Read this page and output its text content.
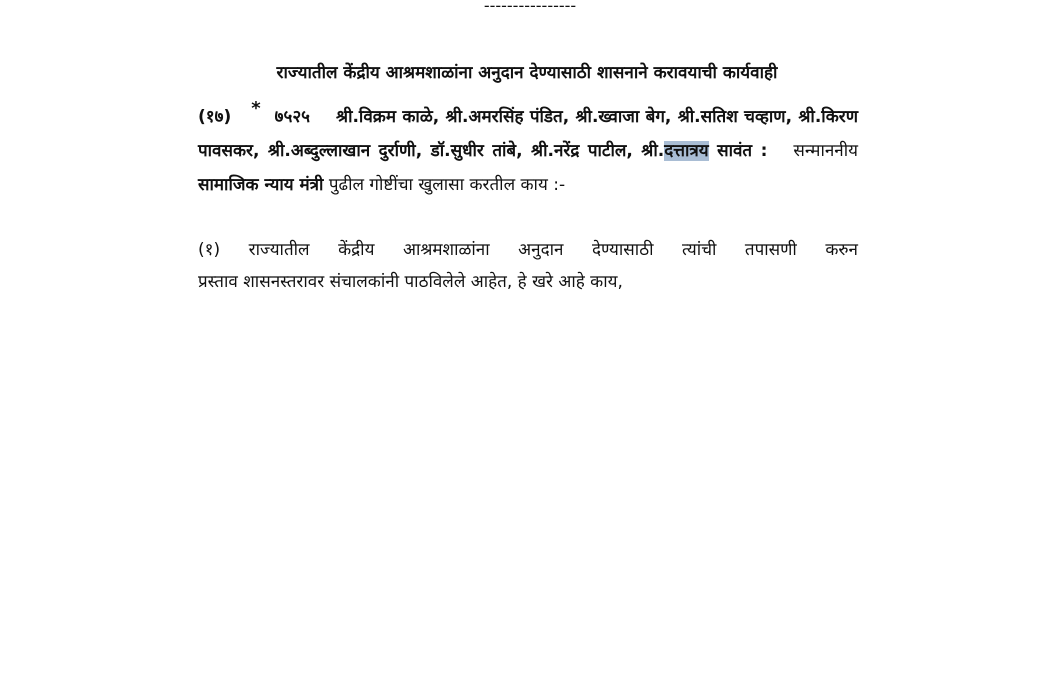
----------------
राज्यातील केंद्रीय आश्रमशाळांना अनुदान देण्यासाठी शासनाने करावयाची कार्यवाही
(१७) * ७५२५ श्री.विक्रम काळे, श्री.अमरसिंह पंडित, श्री.ख्वाजा बेग, श्री.सतिश चव्हाण, श्री.किरण पावसकर, श्री.अब्दुल्लाखान दुर्राणी, डॉ.सुधीर तांबे, श्री.नरेंद्र पाटील, श्री.दत्तात्रय सावंत : सन्माननीय सामाजिक न्याय मंत्री पुढील गोष्टींचा खुलासा करतील काय :-
(१) राज्यातील केंद्रीय आश्रमशाळांना अनुदान देण्यासाठी त्यांची तपासणी करुन
प्रस्ताव शासनस्तरावर संचालकांनी पाठविलेले आहेत, हे खरे आहे काय,
